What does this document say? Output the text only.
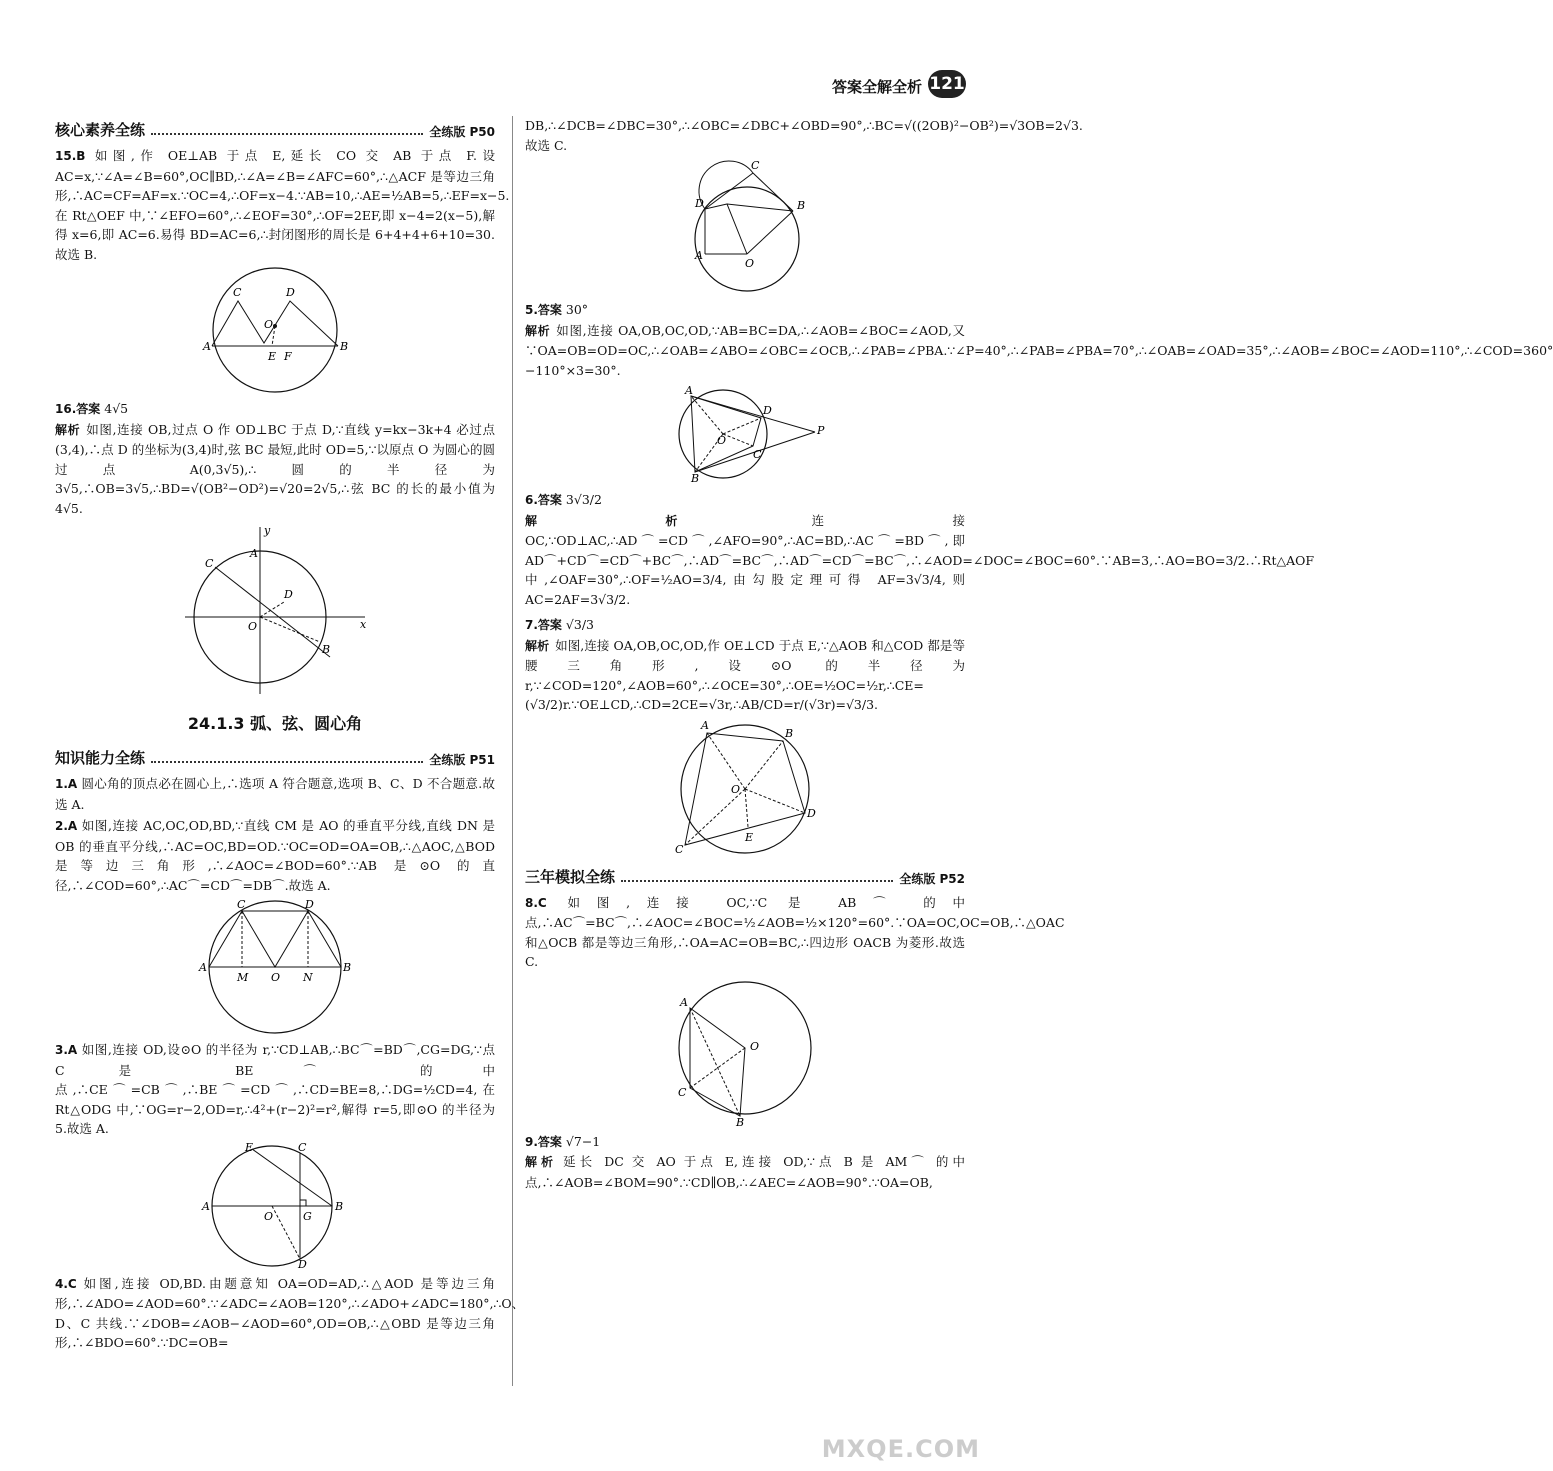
答案全解全析 121
核心素养全练	全练版 P50

15.B 如图,作 OE⊥AB 于点 E,延长 CO 交 AB 于点 F.设 AC=x,∵∠A=∠B=60°,OC∥BD,∴∠A=∠B=∠AFC=60°,∴△ACF 是等边三角形,∴AC=CF=AF=x.∵OC=4,∴OF=x−4.∵AB=10,∴AE=½AB=5,∴EF=x−5.在 Rt△OEF 中,∵∠EFO=60°,∴∠EOF=30°,∴OF=2EF,即 x−4=2(x−5),解得 x=6,即 AC=6.易得 BD=AC=6,∴封闭图形的周长是 6+4+4+6+10=30.故选 B.

A	B
C	D
O
E F

16.答案 4√5
解析 如图,连接 OB,过点 O 作 OD⊥BC 于点 D,∵直线 y=kx−3k+4 必过点(3,4),∴点 D 的坐标为(3,4)时,弦 BC 最短,此时 OD=5,∵以原点 O 为圆心的圆过点 A(0,3√5),∴圆的半径为 3√5,∴OB=3√5,∴BD=√(OB²−OD²)=√20=2√5,∴弦 BC 的长的最小值为 4√5.

A
C
D
O
B
x
y
24.1.3 弧、弦、圆心角
知识能力全练	全练版 P51

1.A 圆心角的顶点必在圆心上,∴选项 A 符合题意,选项 B、C、D 不合题意.故选 A.

2.A 如图,连接 AC,OC,OD,BD,∵直线 CM 是 AO 的垂直平分线,直线 DN 是 OB 的垂直平分线,∴AC=OC,BD=OD.∵OC=OD=OA=OB,∴△AOC,△BOD 是等边三角形,∴∠AOC=∠BOD=60°.∵AB 是⊙O 的直径,∴∠COD=60°,∴AC⌒=CD⌒=DB⌒.故选 A.

A	B
C	D
M O N

3.A 如图,连接 OD,设⊙O 的半径为 r,∵CD⊥AB,∴BC⌒=BD⌒,CG=DG,∵点 C 是 BE⌒ 的中点,∴CE⌒=CB⌒,∴BE⌒=CD⌒,∴CD=BE=8,∴DG=½CD=4,在 Rt△ODG 中,∵OG=r−2,OD=r,∴4²+(r−2)²=r²,解得 r=5,即⊙O 的半径为 5.故选 A.

A	B
E	C
O	G
D

4.C 如图,连接 OD,BD.由题意知 OA=OD=AD,∴△AOD 是等边三角形,∴∠ADO=∠AOD=60°.∵∠ADC=∠AOB=120°,∴∠ADO+∠ADC=180°,∴O、D、C 共线.∵∠DOB=∠AOB−∠AOD=60°,OD=OB,∴△OBD 是等边三角形,∴∠BDO=60°.∵DC=OB=

DB,∴∠DCB=∠DBC=30°,∴∠OBC=∠DBC+∠OBD=90°,∴BC=√((2OB)²−OB²)=√3OB=2√3.故选 C.

C
D	B
A
O

5.答案 30°
解析 如图,连接 OA,OB,OC,OD,∵AB=BC=DA,∴∠AOB=∠BOC=∠AOD,又∵OA=OB=OD=OC,∴∠OAB=∠ABO=∠OBC=∠OCB,∴∠PAB=∠PBA.∵∠P=40°,∴∠PAB=∠PBA=70°,∴∠OAB=∠OAD=35°,∴∠AOB=∠BOC=∠AOD=110°,∴∠COD=360°−110°×3=30°.

A
D
C
B
O
P

6.答案 3√3/2
解析 连接 OC,∵OD⊥AC,∴AD⌒=CD⌒,∠AFO=90°,∴AC=BD,∴AC⌒=BD⌒,即 AD⌒+CD⌒=CD⌒+BC⌒,∴AD⌒=BC⌒,∴AD⌒=CD⌒=BC⌒,∴∠AOD=∠DOC=∠BOC=60°.∵AB=3,∴AO=BO=3/2.∴Rt△AOF 中,∠OAF=30°,∴OF=½AO=3/4,由勾股定理可得 AF=3√3/4,则 AC=2AF=3√3/2.

7.答案 √3/3
解析 如图,连接 OA,OB,OC,OD,作 OE⊥CD 于点 E,∵△AOB 和△COD 都是等腰三角形,设⊙O 的半径为 r,∵∠COD=120°,∠AOB=60°,∴∠OCE=30°,∴OE=½OC=½r,∴CE=(√3/2)r.∵OE⊥CD,∴CD=2CE=√3r,∴AB/CD=r/(√3r)=√3/3.

A
B
D
C
O
E
三年模拟全练	全练版 P52

8.C 如图,连接 OC,∵C 是 AB⌒ 的中点,∴AC⌒=BC⌒,∴∠AOC=∠BOC=½∠AOB=½×120°=60°.∵OA=OC,OC=OB,∴△OAC 和△OCB 都是等边三角形,∴OA=AC=OB=BC,∴四边形 OACB 为菱形.故选 C.

A
O
C
B

9.答案 √7−1
解析 延长 DC 交 AO 于点 E,连接 OD,∵点 B 是 AM⌒ 的中点,∴∠AOB=∠BOM=90°.∵CD∥OB,∴∠AEC=∠AOB=90°.∵OA=OB,

MXQE.COM
